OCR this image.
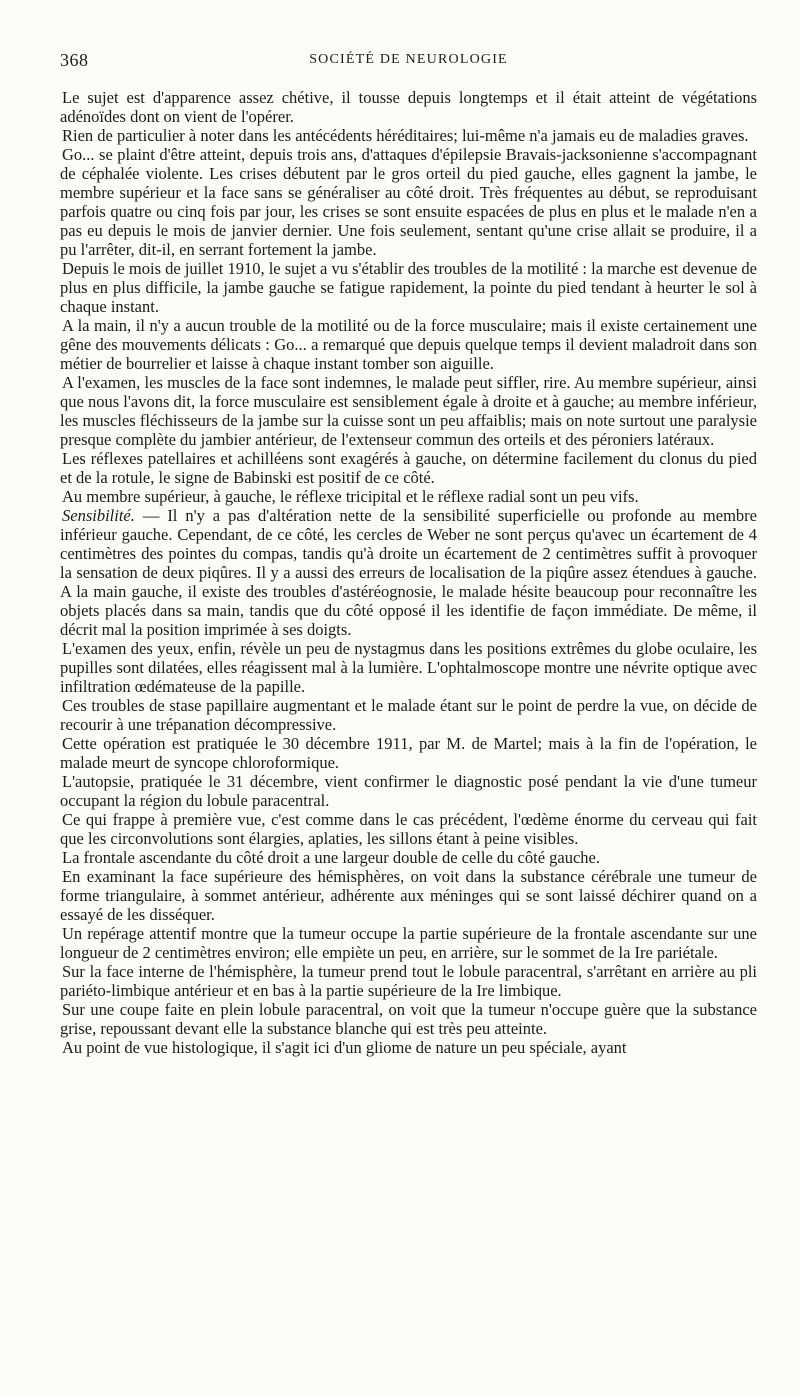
368	SOCIÉTÉ DE NEUROLOGIE

Le sujet est d'apparence assez chétive, il tousse depuis longtemps et il était atteint de végétations adénoïdes dont on vient de l'opérer.

Rien de particulier à noter dans les antécédents héréditaires; lui-même n'a jamais eu de maladies graves.

Go... se plaint d'être atteint, depuis trois ans, d'attaques d'épilepsie Bravais-jacksonienne s'accompagnant de céphalée violente. Les crises débutent par le gros orteil du pied gauche, elles gagnent la jambe, le membre supérieur et la face sans se généraliser au côté droit. Très fréquentes au début, se reproduisant parfois quatre ou cinq fois par jour, les crises se sont ensuite espacées de plus en plus et le malade n'en a pas eu depuis le mois de janvier dernier. Une fois seulement, sentant qu'une crise allait se produire, il a pu l'arrêter, dit-il, en serrant fortement la jambe.

Depuis le mois de juillet 1910, le sujet a vu s'établir des troubles de la motilité : la marche est devenue de plus en plus difficile, la jambe gauche se fatigue rapidement, la pointe du pied tendant à heurter le sol à chaque instant.

A la main, il n'y a aucun trouble de la motilité ou de la force musculaire; mais il existe certainement une gêne des mouvements délicats : Go... a remarqué que depuis quelque temps il devient maladroit dans son métier de bourrelier et laisse à chaque instant tomber son aiguille.

A l'examen, les muscles de la face sont indemnes, le malade peut siffler, rire. Au membre supérieur, ainsi que nous l'avons dit, la force musculaire est sensiblement égale à droite et à gauche; au membre inférieur, les muscles fléchisseurs de la jambe sur la cuisse sont un peu affaiblis; mais on note surtout une paralysie presque complète du jambier antérieur, de l'extenseur commun des orteils et des péroniers latéraux.

Les réflexes patellaires et achilléens sont exagérés à gauche, on détermine facilement du clonus du pied et de la rotule, le signe de Babinski est positif de ce côté.

Au membre supérieur, à gauche, le réflexe tricipital et le réflexe radial sont un peu vifs.

Sensibilité. — Il n'y a pas d'altération nette de la sensibilité superficielle ou profonde au membre inférieur gauche. Cependant, de ce côté, les cercles de Weber ne sont perçus qu'avec un écartement de 4 centimètres des pointes du compas, tandis qu'à droite un écartement de 2 centimètres suffit à provoquer la sensation de deux piqûres. Il y a aussi des erreurs de localisation de la piqûre assez étendues à gauche. A la main gauche, il existe des troubles d'astéréognosie, le malade hésite beaucoup pour reconnaître les objets placés dans sa main, tandis que du côté opposé il les identifie de façon immédiate. De même, il décrit mal la position imprimée à ses doigts.

L'examen des yeux, enfin, révèle un peu de nystagmus dans les positions extrêmes du globe oculaire, les pupilles sont dilatées, elles réagissent mal à la lumière. L'ophtalmoscope montre une névrite optique avec infiltration œdémateuse de la papille.

Ces troubles de stase papillaire augmentant et le malade étant sur le point de perdre la vue, on décide de recourir à une trépanation décompressive.

Cette opération est pratiquée le 30 décembre 1911, par M. de Martel; mais à la fin de l'opération, le malade meurt de syncope chloroformique.

L'autopsie, pratiquée le 31 décembre, vient confirmer le diagnostic posé pendant la vie d'une tumeur occupant la région du lobule paracentral.

Ce qui frappe à première vue, c'est comme dans le cas précédent, l'œdème énorme du cerveau qui fait que les circonvolutions sont élargies, aplaties, les sillons étant à peine visibles.

La frontale ascendante du côté droit a une largeur double de celle du côté gauche.

En examinant la face supérieure des hémisphères, on voit dans la substance cérébrale une tumeur de forme triangulaire, à sommet antérieur, adhérente aux méninges qui se sont laissé déchirer quand on a essayé de les disséquer.

Un repérage attentif montre que la tumeur occupe la partie supérieure de la frontale ascendante sur une longueur de 2 centimètres environ; elle empiète un peu, en arrière, sur le sommet de la Ire pariétale.

Sur la face interne de l'hémisphère, la tumeur prend tout le lobule paracentral, s'arrêtant en arrière au pli pariéto-limbique antérieur et en bas à la partie supérieure de la Ire limbique.

Sur une coupe faite en plein lobule paracentral, on voit que la tumeur n'occupe guère que la substance grise, repoussant devant elle la substance blanche qui est très peu atteinte.

Au point de vue histologique, il s'agit ici d'un gliome de nature un peu spéciale, ayant
